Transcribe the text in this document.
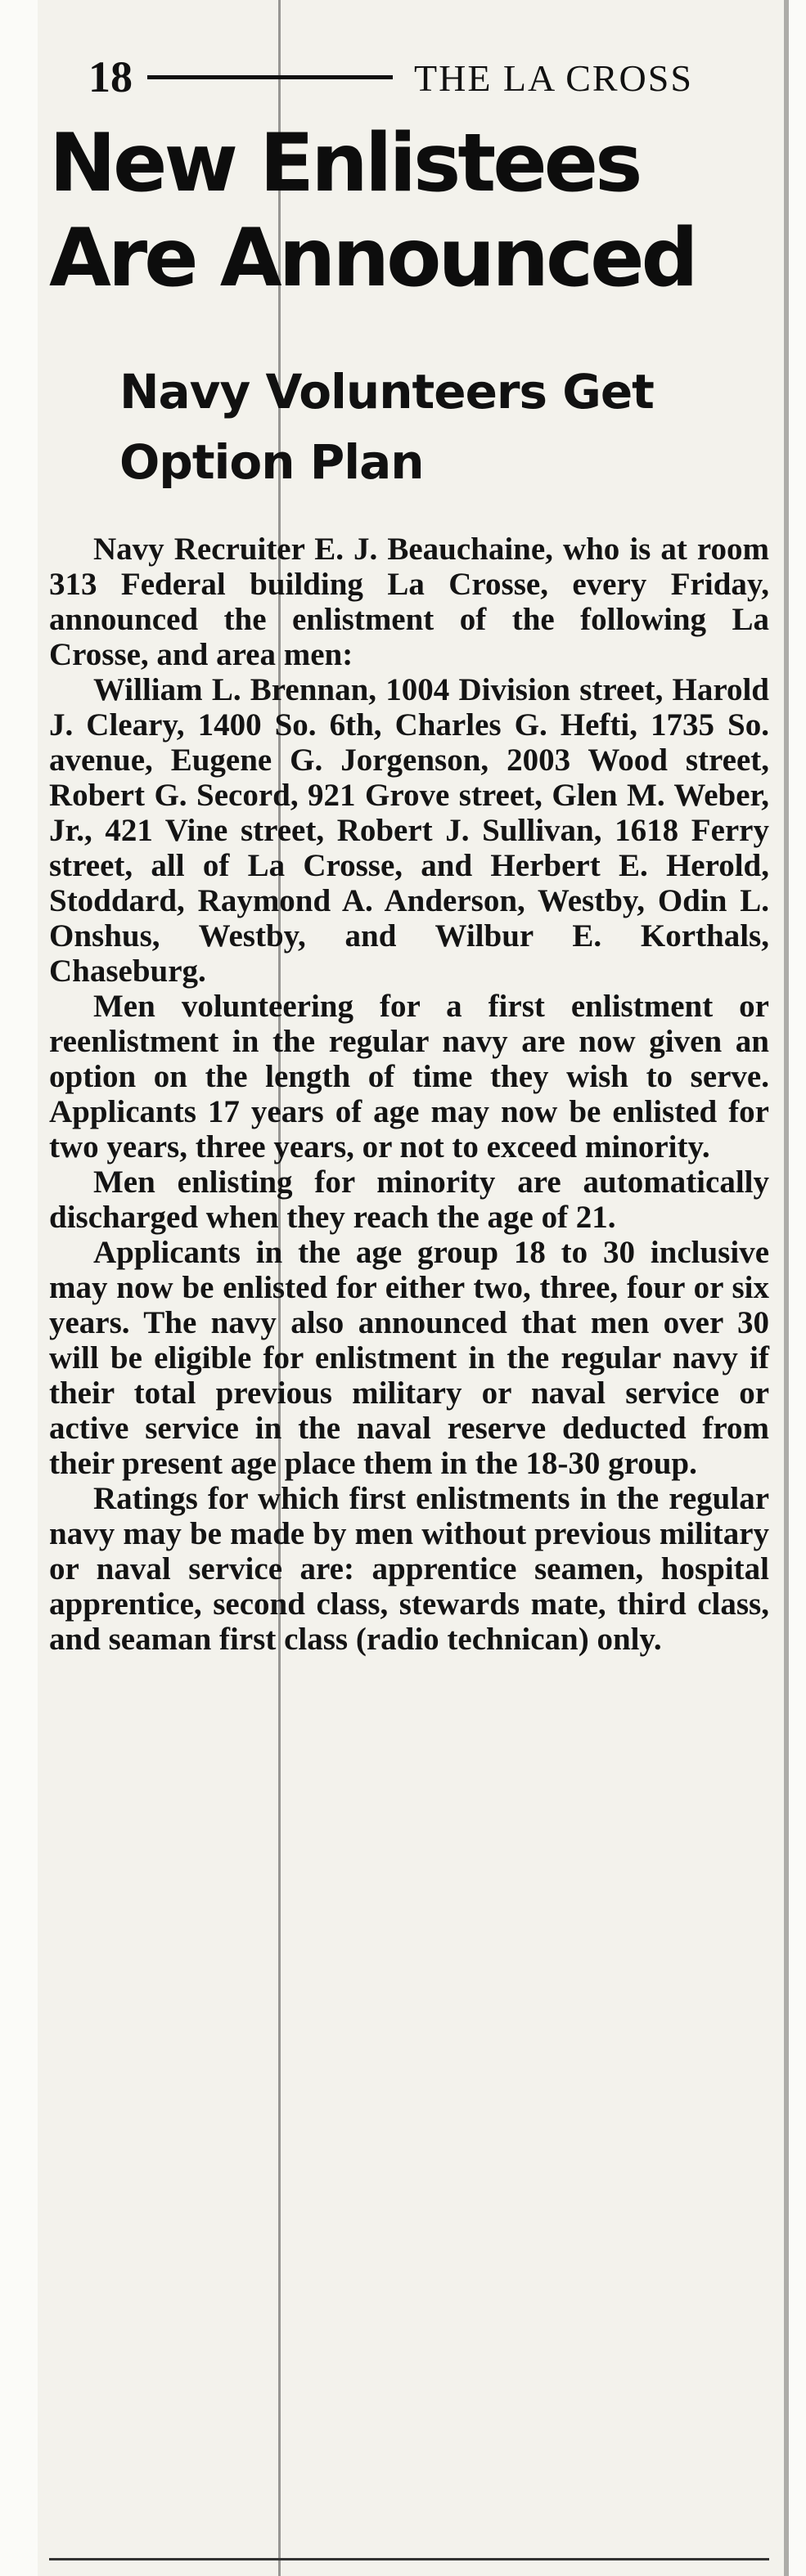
18	THE LA CROSS
New Enlistees Are Announced
Navy Volunteers Get Option Plan

Navy Recruiter E. J. Beauchaine, who is at room 313 Federal building La Crosse, every Friday, announced the enlistment of the following La Crosse, and area men:

William L. Brennan, 1004 Division street, Harold J. Cleary, 1400 So. 6th, Charles G. Hefti, 1735 So. avenue, Eugene G. Jorgenson, 2003 Wood street, Robert G. Secord, 921 Grove street, Glen M. Weber, Jr., 421 Vine street, Robert J. Sullivan, 1618 Ferry street, all of La Crosse, and Herbert E. Herold, Stoddard, Raymond A. Anderson, Westby, Odin L. Onshus, Westby, and Wilbur E. Korthals, Chaseburg.

Men volunteering for a first enlistment or reenlistment in the regular navy are now given an option on the length of time they wish to serve. Applicants 17 years of age may now be enlisted for two years, three years, or not to exceed minority.

Men enlisting for minority are automatically discharged when they reach the age of 21.

Applicants in the age group 18 to 30 inclusive may now be enlisted for either two, three, four or six years. The navy also announced that men over 30 will be eligible for enlistment in the regular navy if their total previous military or naval service or active service in the naval reserve deducted from their present age place them in the 18-30 group.

Ratings for which first enlistments in the regular navy may be made by men without previous military or naval service are: apprentice seamen, hospital apprentice, second class, stewards mate, third class, and seaman first class (radio technican) only.
